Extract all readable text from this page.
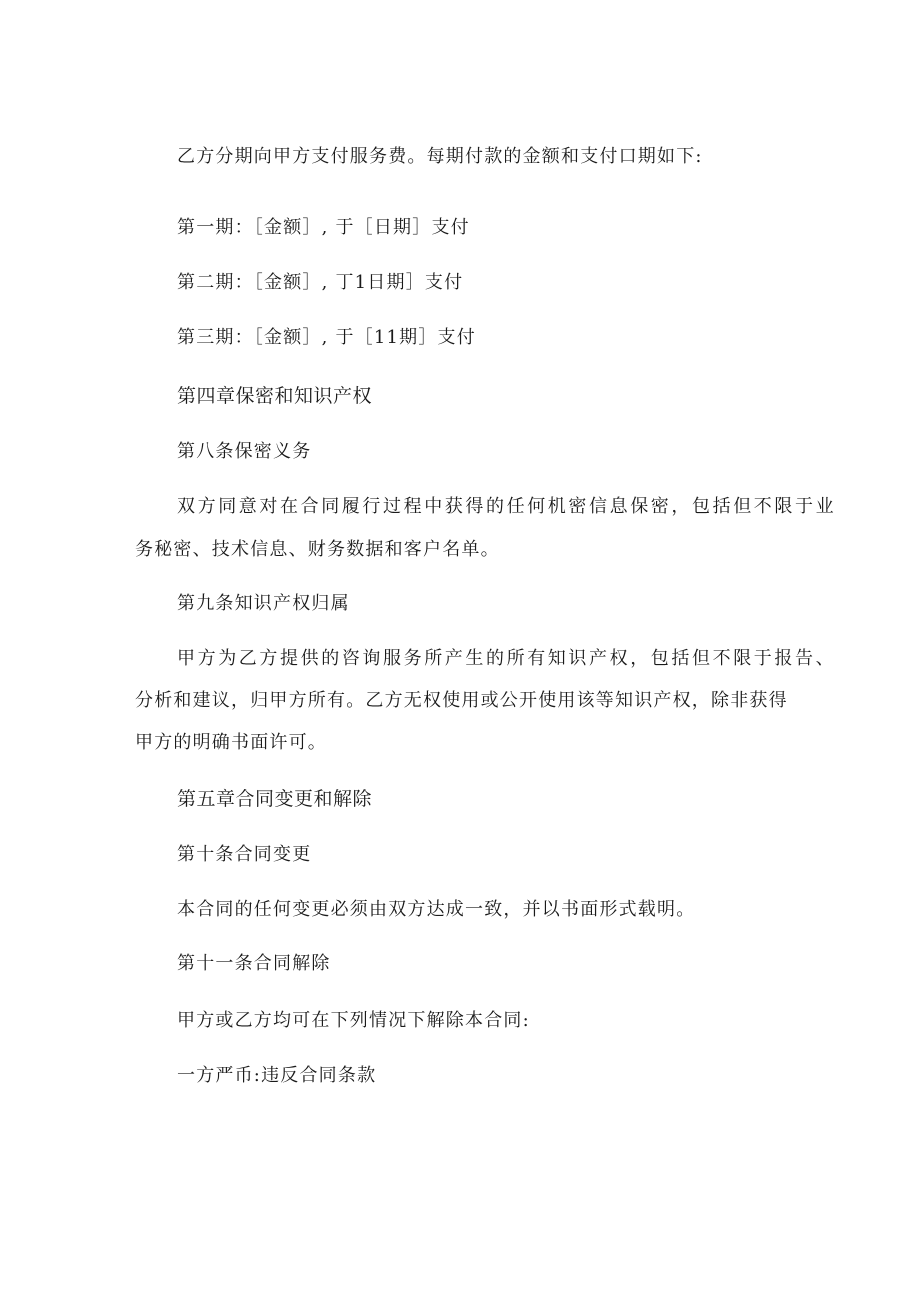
乙方分期向甲方支付服务费。每期付款的金额和支付口期如下:

第一期：［金额］, 于［日期］支付

第二期：［金额］, 丁1日期］支付

第三期：［金额］, 于［11期］支付

第四章保密和知识产权
第八条保密义务

双方同意对在合同履行过程中获得的任何机密信息保密，包括但不限于业

务秘密、技术信息、财务数据和客户名单。

第九条知识产权归属

甲方为乙方提供的咨询服务所产生的所有知识产权，包括但不限于报告、

分析和建议，归甲方所有。乙方无权使用或公开使用该等知识产权，除非获得

甲方的明确书面许可。

第五章合同变更和解除
第十条合同变更

本合同的任何变更必须由双方达成一致，并以书面形式载明。

第十一条合同解除

甲方或乙方均可在下列情况下解除本合同:

一方严币:违反合同条款
